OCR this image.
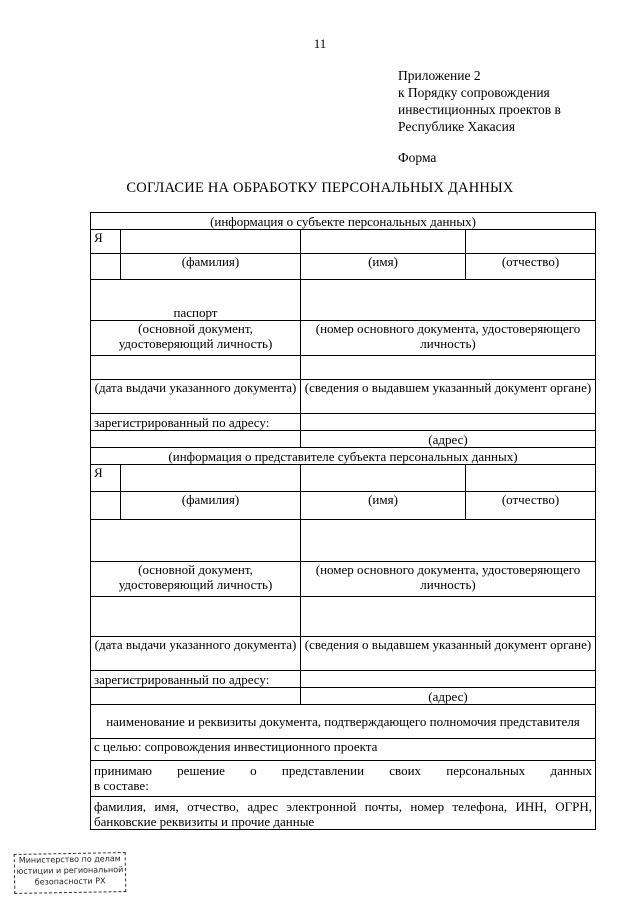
11
Приложение 2
к Порядку сопровождения
инвестиционных проектов в
Республике Хакасия
Форма
СОГЛАСИЕ НА ОБРАБОТКУ ПЕРСОНАЛЬНЫХ ДАННЫХ
(информация о субъекте персональных данных)			
Я			
	(фамилия)	(имя)	(отчество)
паспорт			
(основной документ, удостоверяющий личность)		(номер основного документа, удостоверяющего личность)	

(дата выдачи указанного документа)		(сведения о выдавшем указанный документ органе)	
зарегистрированный по адресу:			
		(адрес)	
(информация о представителе субъекта персональных данных)			
Я			
	(фамилия)	(имя)	(отчество)

(основной документ, удостоверяющий личность)		(номер основного документа, удостоверяющего личность)	

(дата выдачи указанного документа)		(сведения о выдавшем указанный документ органе)	
зарегистрированный по адресу:			
		(адрес)	
наименование и реквизиты документа, подтверждающего полномочия представителя			
с целью: сопровождения инвестиционного проекта			

принимаю решение о представлении своих персональных данных
в составе:			

фамилия, имя, отчество, адрес электронной почты, номер телефона, ИНН, ОГРН, банковские реквизиты и прочие данные			
Министерство по делам
юстиции и региональной
безопасности РХ
